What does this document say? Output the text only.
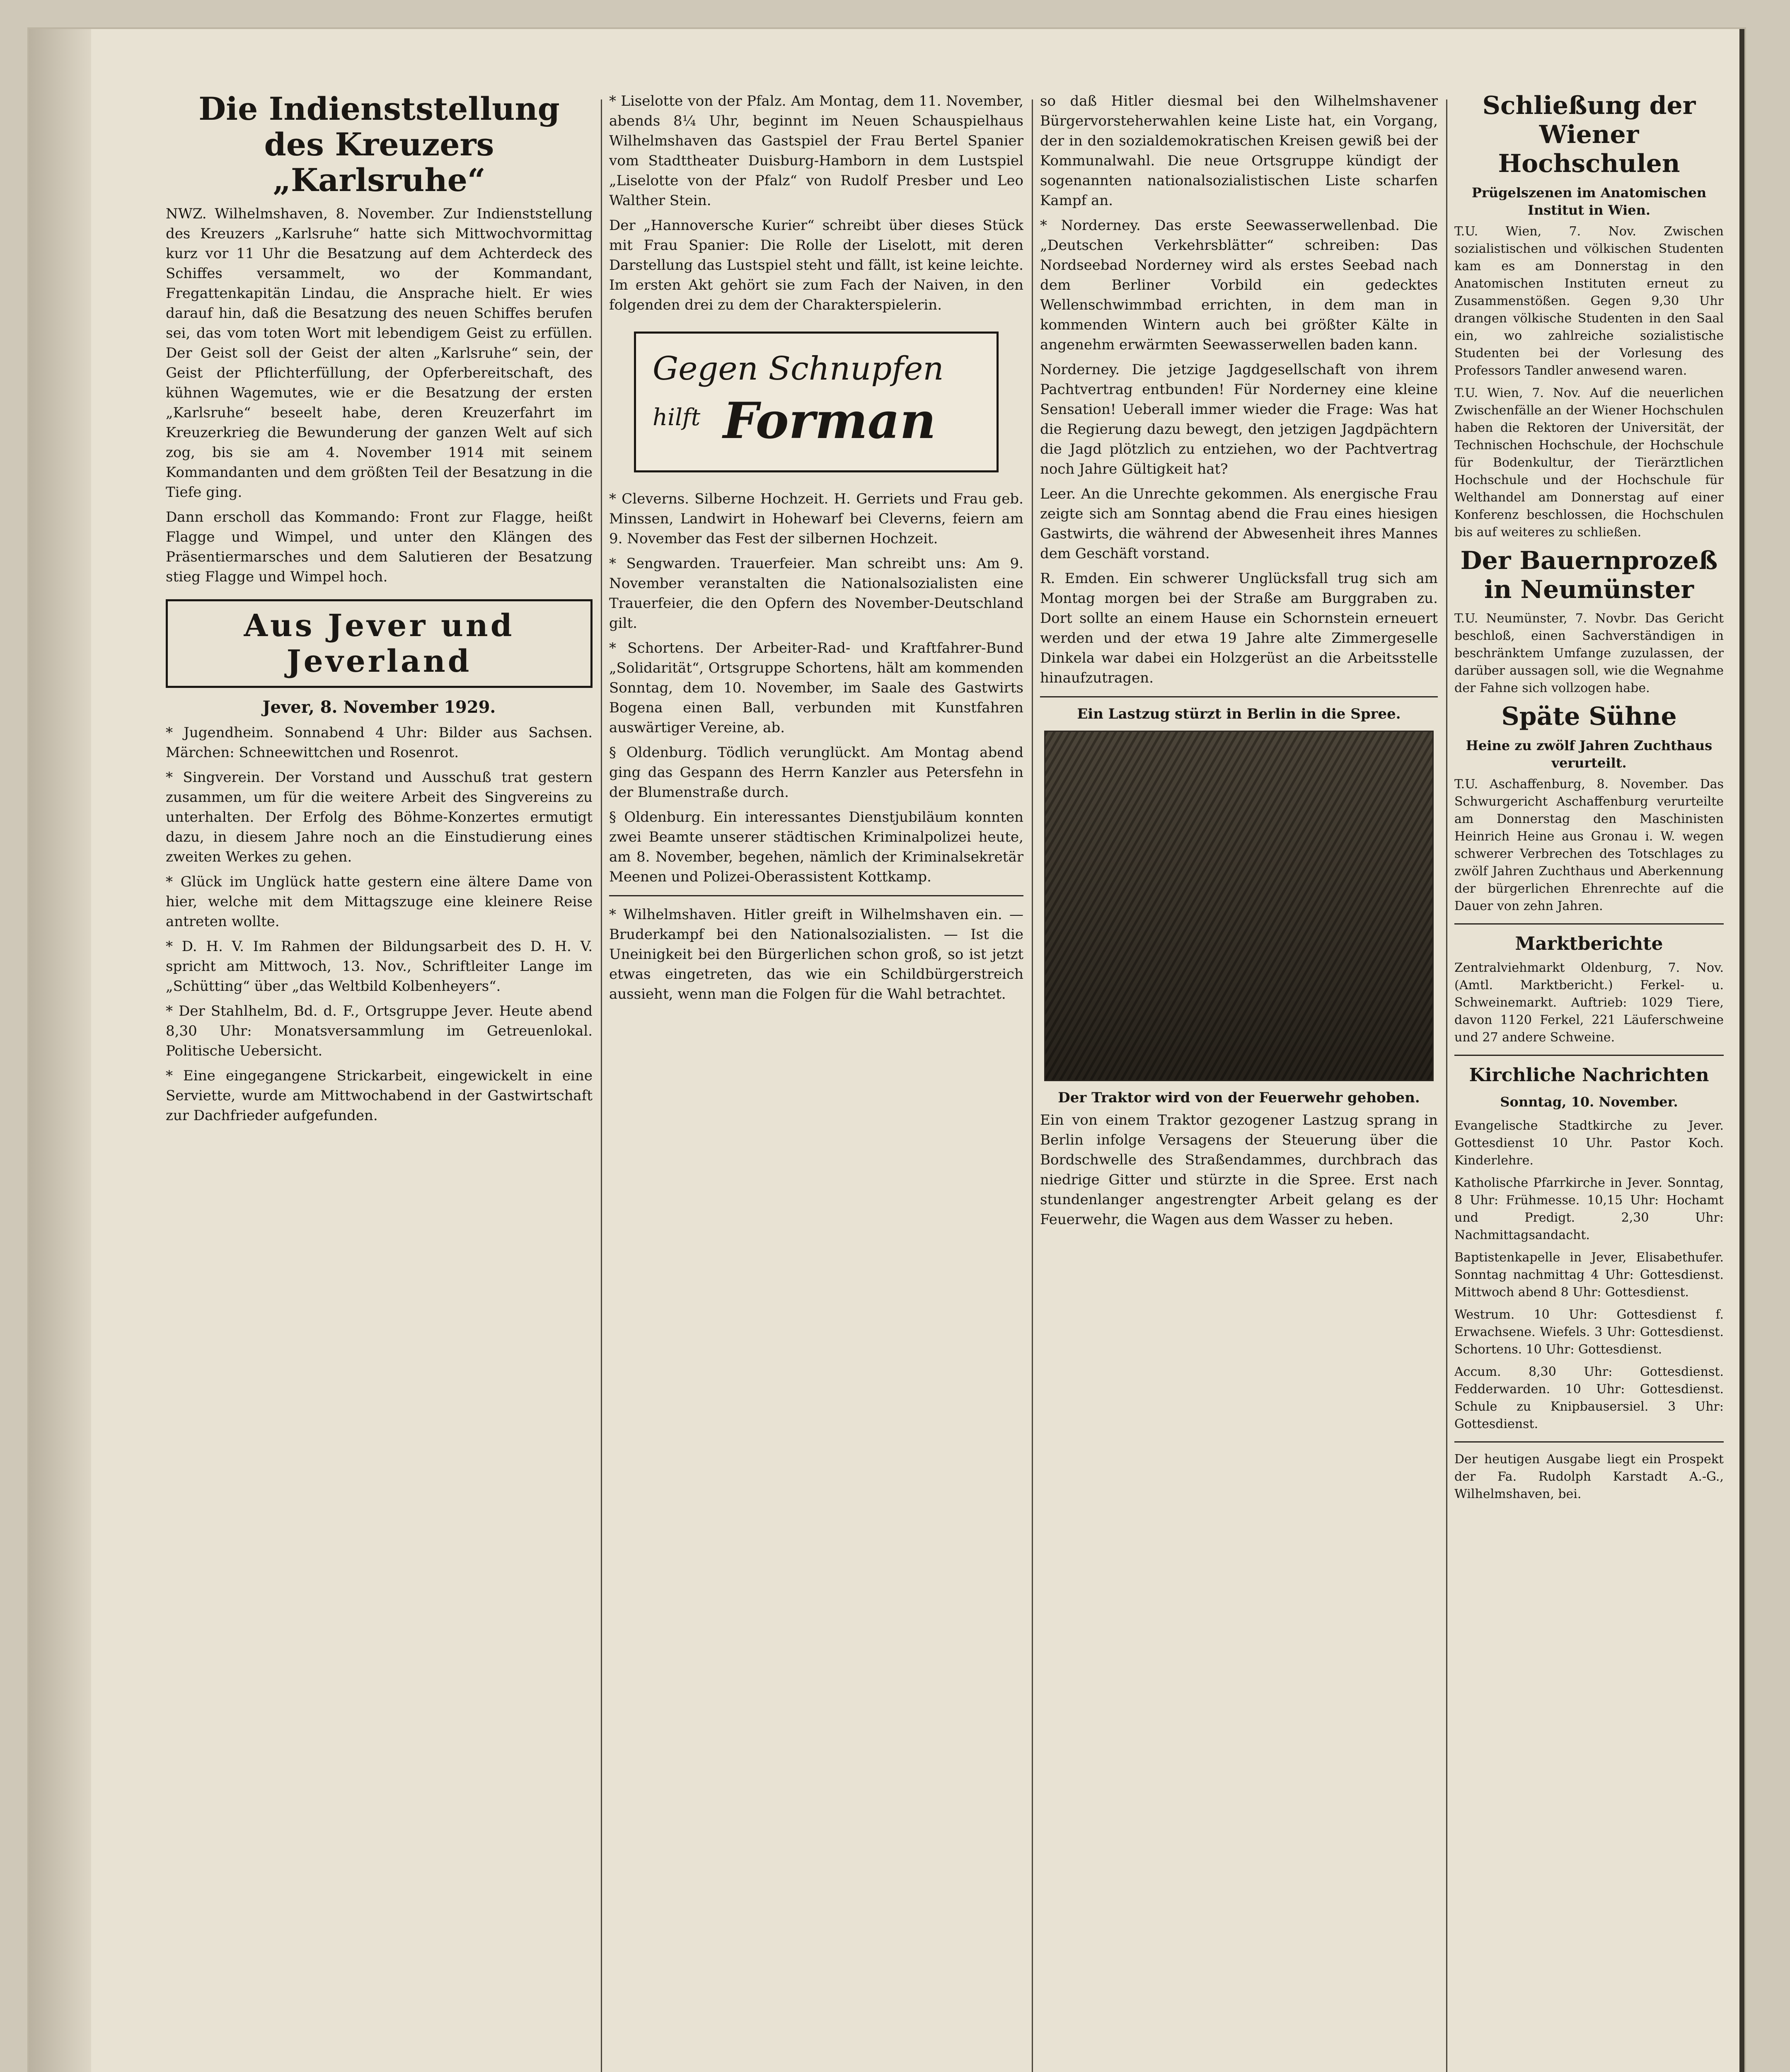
Die Indienststellung des Kreuzers „Karlsruhe“

NWZ. Wilhelmshaven, 8. November. Zur Indienststellung des Kreuzers „Karlsruhe“ hatte sich Mittwochvormittag kurz vor 11 Uhr die Besatzung auf dem Achterdeck des Schiffes versammelt, wo der Kommandant, Fregattenkapitän Lindau, die Ansprache hielt. Er wies darauf hin, daß die Besatzung des neuen Schiffes berufen sei, das vom toten Wort mit lebendigem Geist zu erfüllen. Der Geist soll der Geist der alten „Karlsruhe“ sein, der Geist der Pflichterfüllung, der Opferbereitschaft, des kühnen Wagemutes, wie er die Besatzung der ersten „Karlsruhe“ beseelt habe, deren Kreuzerfahrt im Kreuzerkrieg die Bewunderung der ganzen Welt auf sich zog, bis sie am 4. November 1914 mit seinem Kommandanten und dem größten Teil der Besatzung in die Tiefe ging.

Dann erscholl das Kommando: Front zur Flagge, heißt Flagge und Wimpel, und unter den Klängen des Präsentiermarsches und dem Salutieren der Besatzung stieg Flagge und Wimpel hoch.

Aus Jever und Jeverland
Jever, 8. November 1929.

* Jugendheim. Sonnabend 4 Uhr: Bilder aus Sachsen. Märchen: Schneewittchen und Rosenrot.

* Singverein. Der Vorstand und Ausschuß trat gestern zusammen, um für die weitere Arbeit des Singvereins zu unterhalten. Der Erfolg des Böhme-Konzertes ermutigt dazu, in diesem Jahre noch an die Einstudierung eines zweiten Werkes zu gehen.

* Glück im Unglück hatte gestern eine ältere Dame von hier, welche mit dem Mittagszuge eine kleinere Reise antreten wollte.

* D. H. V. Im Rahmen der Bildungsarbeit des D. H. V. spricht am Mittwoch, 13. Nov., Schriftleiter Lange im „Schütting“ über „das Weltbild Kolbenheyers“.

* Der Stahlhelm, Bd. d. F., Ortsgruppe Jever. Heute abend 8,30 Uhr: Monatsversammlung im Getreuenlokal. Politische Uebersicht.

* Eine eingegangene Strickarbeit, eingewickelt in eine Serviette, wurde am Mittwochabend in der Gastwirtschaft zur Dachfrieder aufgefunden.

* Liselotte von der Pfalz. Am Montag, dem 11. November, abends 8¼ Uhr, beginnt im Neuen Schauspielhaus Wilhelmshaven das Gastspiel der Frau Bertel Spanier vom Stadttheater Duisburg-Hamborn in dem Lustspiel „Liselotte von der Pfalz“ von Rudolf Presber und Leo Walther Stein.

Der „Hannoversche Kurier“ schreibt über dieses Stück mit Frau Spanier: Die Rolle der Liselott, mit deren Darstellung das Lustspiel steht und fällt, ist keine leichte. Im ersten Akt gehört sie zum Fach der Naiven, in den folgenden drei zu dem der Charakterspielerin.

Gegen Schnupfen
hilft Forman

* Cleverns. Silberne Hochzeit. H. Gerriets und Frau geb. Minssen, Landwirt in Hohewarf bei Cleverns, feiern am 9. November das Fest der silbernen Hochzeit.

* Sengwarden. Trauerfeier. Man schreibt uns: Am 9. November veranstalten die Nationalsozialisten eine Trauerfeier, die den Opfern des November-Deutschland gilt.

* Schortens. Der Arbeiter-Rad- und Kraftfahrer-Bund „Solidarität“, Ortsgruppe Schortens, hält am kommenden Sonntag, dem 10. November, im Saale des Gastwirts Bogena einen Ball, verbunden mit Kunstfahren auswärtiger Vereine, ab.

§ Oldenburg. Tödlich verunglückt. Am Montag abend ging das Gespann des Herrn Kanzler aus Petersfehn in der Blumenstraße durch.

§ Oldenburg. Ein interessantes Dienstjubiläum konnten zwei Beamte unserer städtischen Kriminalpolizei heute, am 8. November, begehen, nämlich der Kriminalsekretär Meenen und Polizei-Oberassistent Kottkamp.

* Wilhelmshaven. Hitler greift in Wilhelmshaven ein. — Bruderkampf bei den Nationalsozialisten. — Ist die Uneinigkeit bei den Bürgerlichen schon groß, so ist jetzt etwas eingetreten, das wie ein Schildbürgerstreich aussieht, wenn man die Folgen für die Wahl betrachtet.

so daß Hitler diesmal bei den Wilhelmshavener Bürgervorsteherwahlen keine Liste hat, ein Vorgang, der in den sozialdemokratischen Kreisen gewiß bei der Kommunalwahl. Die neue Ortsgruppe kündigt der sogenannten nationalsozialistischen Liste scharfen Kampf an.

* Norderney. Das erste Seewasserwellenbad. Die „Deutschen Verkehrsblätter“ schreiben: Das Nordseebad Norderney wird als erstes Seebad nach dem Berliner Vorbild ein gedecktes Wellenschwimmbad errichten, in dem man in kommenden Wintern auch bei größter Kälte in angenehm erwärmten Seewasserwellen baden kann.

Norderney. Die jetzige Jagdgesellschaft von ihrem Pachtvertrag entbunden! Für Norderney eine kleine Sensation! Ueberall immer wieder die Frage: Was hat die Regierung dazu bewegt, den jetzigen Jagdpächtern die Jagd plötzlich zu entziehen, wo der Pachtvertrag noch Jahre Gültigkeit hat?

Leer. An die Unrechte gekommen. Als energische Frau zeigte sich am Sonntag abend die Frau eines hiesigen Gastwirts, die während der Abwesenheit ihres Mannes dem Geschäft vorstand.

R. Emden. Ein schwerer Unglücksfall trug sich am Montag morgen bei der Straße am Burggraben zu. Dort sollte an einem Hause ein Schornstein erneuert werden und der etwa 19 Jahre alte Zimmergeselle Dinkela war dabei ein Holzgerüst an die Arbeitsstelle hinaufzutragen.

Ein Lastzug stürzt in Berlin in die Spree.
Der Traktor wird von der Feuerwehr gehoben.

Ein von einem Traktor gezogener Lastzug sprang in Berlin infolge Versagens der Steuerung über die Bordschwelle des Straßendammes, durchbrach das niedrige Gitter und stürzte in die Spree. Erst nach stundenlanger angestrengter Arbeit gelang es der Feuerwehr, die Wagen aus dem Wasser zu heben.

Schließung der Wiener Hochschulen
Prügelszenen im Anatomischen Institut in Wien.

T.U. Wien, 7. Nov. Zwischen sozialistischen und völkischen Studenten kam es am Donnerstag in den Anatomischen Instituten erneut zu Zusammenstößen. Gegen 9,30 Uhr drangen völkische Studenten in den Saal ein, wo zahlreiche sozialistische Studenten bei der Vorlesung des Professors Tandler anwesend waren.

T.U. Wien, 7. Nov. Auf die neuerlichen Zwischenfälle an der Wiener Hochschulen haben die Rektoren der Universität, der Technischen Hochschule, der Hochschule für Bodenkultur, der Tierärztlichen Hochschule und der Hochschule für Welthandel am Donnerstag auf einer Konferenz beschlossen, die Hochschulen bis auf weiteres zu schließen.

Der Bauernprozeß in Neumünster

T.U. Neumünster, 7. Novbr. Das Gericht beschloß, einen Sachverständigen in beschränktem Umfange zuzulassen, der darüber aussagen soll, wie die Wegnahme der Fahne sich vollzogen habe.

Späte Sühne
Heine zu zwölf Jahren Zuchthaus verurteilt.

T.U. Aschaffenburg, 8. November. Das Schwurgericht Aschaffenburg verurteilte am Donnerstag den Maschinisten Heinrich Heine aus Gronau i. W. wegen schwerer Verbrechen des Totschlages zu zwölf Jahren Zuchthaus und Aberkennung der bürgerlichen Ehrenrechte auf die Dauer von zehn Jahren.

Marktberichte

Zentralviehmarkt Oldenburg, 7. Nov. (Amtl. Marktbericht.) Ferkel- u. Schweinemarkt. Auftrieb: 1029 Tiere, davon 1120 Ferkel, 221 Läuferschweine und 27 andere Schweine.

Kirchliche Nachrichten
Sonntag, 10. November.

Evangelische Stadtkirche zu Jever. Gottesdienst 10 Uhr. Pastor Koch. Kinderlehre.

Katholische Pfarrkirche in Jever. Sonntag, 8 Uhr: Frühmesse. 10,15 Uhr: Hochamt und Predigt. 2,30 Uhr: Nachmittagsandacht.

Baptistenkapelle in Jever, Elisabethufer. Sonntag nachmittag 4 Uhr: Gottesdienst. Mittwoch abend 8 Uhr: Gottesdienst.

Westrum. 10 Uhr: Gottesdienst f. Erwachsene. Wiefels. 3 Uhr: Gottesdienst. Schortens. 10 Uhr: Gottesdienst.

Accum. 8,30 Uhr: Gottesdienst. Fedderwarden. 10 Uhr: Gottesdienst. Schule zu Knipbausersiel. 3 Uhr: Gottesdienst.

Der heutigen Ausgabe liegt ein Prospekt der Fa. Rudolph Karstadt A.-G., Wilhelmshaven, bei.
